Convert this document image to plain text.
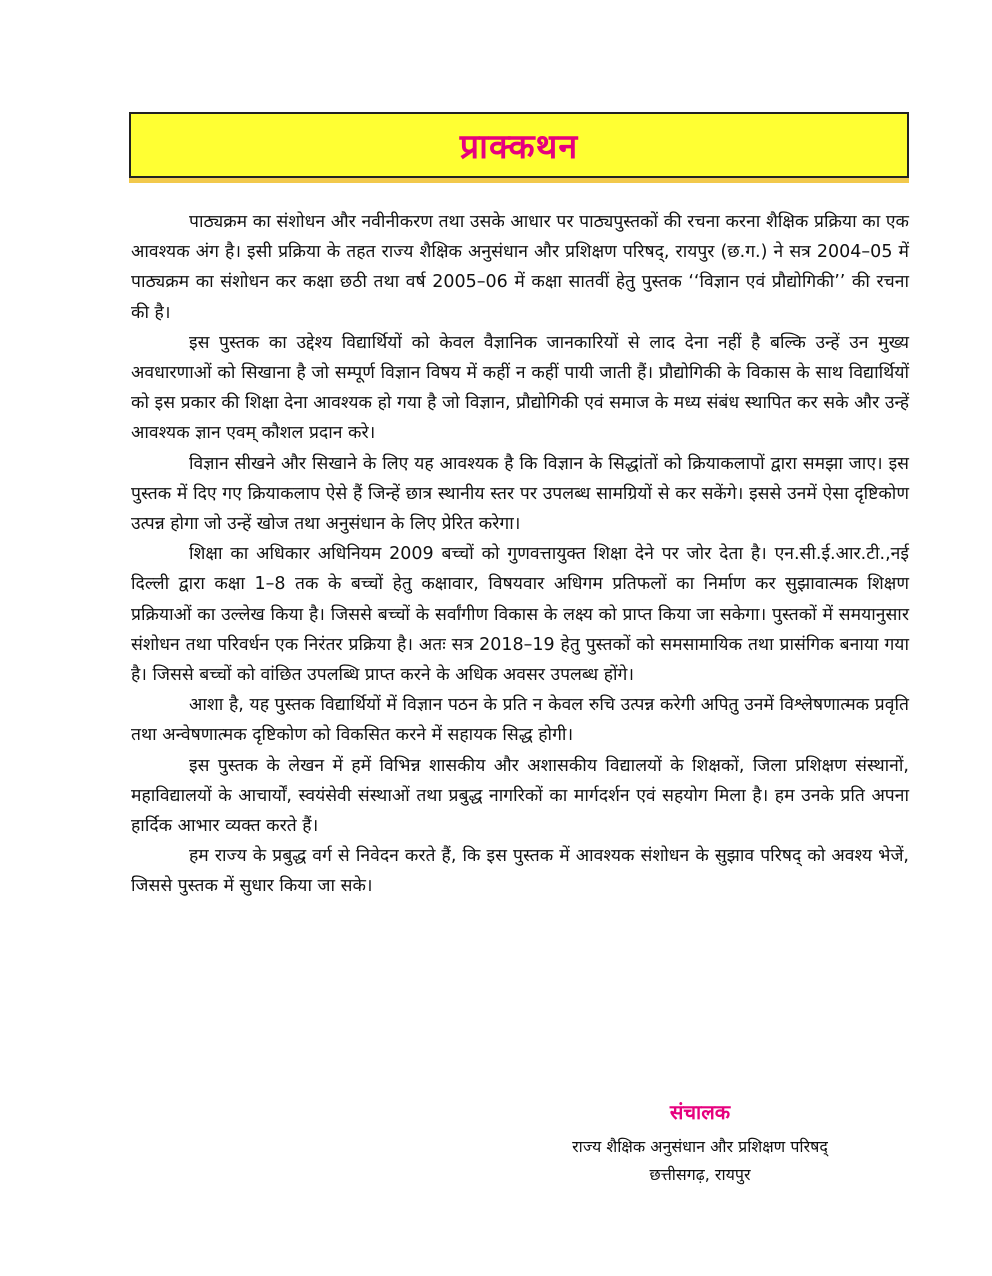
प्राक्कथन

पाठ्यक्रम का संशोधन और नवीनीकरण तथा उसके आधार पर पाठ्यपुस्तकों की रचना करना शैक्षिक प्रक्रिया का एक आवश्यक अंग है। इसी प्रक्रिया के तहत राज्य शैक्षिक अनुसंधान और प्रशिक्षण परिषद्, रायपुर (छ.ग.) ने सत्र 2004–05 में पाठ्यक्रम का संशोधन कर कक्षा छठी तथा वर्ष 2005–06 में कक्षा सातवीं हेतु पुस्तक ‘‘विज्ञान एवं प्रौद्योगिकी’’ की रचना की है।

इस पुस्तक का उद्देश्य विद्यार्थियों को केवल वैज्ञानिक जानकारियों से लाद देना नहीं है बल्कि उन्हें उन मुख्य अवधारणाओं को सिखाना है जो सम्पूर्ण विज्ञान विषय में कहीं न कहीं पायी जाती हैं। प्रौद्योगिकी के विकास के साथ विद्यार्थियों को इस प्रकार की शिक्षा देना आवश्यक हो गया है जो विज्ञान, प्रौद्योगिकी एवं समाज के मध्य संबंध स्थापित कर सके और उन्हें आवश्यक ज्ञान एवम् कौशल प्रदान करे।

विज्ञान सीखने और सिखाने के लिए यह आवश्यक है कि विज्ञान के सिद्धांतों को क्रियाकलापों द्वारा समझा जाए। इस पुस्तक में दिए गए क्रियाकलाप ऐसे हैं जिन्हें छात्र स्थानीय स्तर पर उपलब्ध सामग्रियों से कर सकेंगे। इससे उनमें ऐसा दृष्टिकोण उत्पन्न होगा जो उन्हें खोज तथा अनुसंधान के लिए प्रेरित करेगा।

शिक्षा का अधिकार अधिनियम 2009 बच्चों को गुणवत्तायुक्त शिक्षा देने पर जोर देता है। एन.सी.ई.आर.टी.,नई दिल्ली द्वारा कक्षा 1–8 तक के बच्चों हेतु कक्षावार, विषयवार अधिगम प्रतिफलों का निर्माण कर सुझावात्मक शिक्षण प्रक्रियाओं का उल्लेख किया है। जिससे बच्चों के सर्वांगीण विकास के लक्ष्य को प्राप्त किया जा सकेगा। पुस्तकों में समयानुसार संशोधन तथा परिवर्धन एक निरंतर प्रक्रिया है। अतः सत्र 2018–19 हेतु पुस्तकों को समसामायिक तथा प्रासंगिक बनाया गया है। जिससे बच्चों को वांछित उपलब्धि प्राप्त करने के अधिक अवसर उपलब्ध होंगे।

आशा है, यह पुस्तक विद्यार्थियों में विज्ञान पठन के प्रति न केवल रुचि उत्पन्न करेगी अपितु उनमें विश्लेषणात्मक प्रवृति तथा अन्वेषणात्मक दृष्टिकोण को विकसित करने में सहायक सिद्ध होगी।

इस पुस्तक के लेखन में हमें विभिन्न शासकीय और अशासकीय विद्यालयों के शिक्षकों, जिला प्रशिक्षण संस्थानों, महाविद्यालयों के आचार्यों, स्वयंसेवी संस्थाओं तथा प्रबुद्ध नागरिकों का मार्गदर्शन एवं सहयोग मिला है। हम उनके प्रति अपना हार्दिक आभार व्यक्त करते हैं।

हम राज्य के प्रबुद्ध वर्ग से निवेदन करते हैं, कि इस पुस्तक में आवश्यक संशोधन के सुझाव परिषद् को अवश्य भेजें, जिससे पुस्तक में सुधार किया जा सके।

संचालक

राज्य शैक्षिक अनुसंधान और प्रशिक्षण परिषद्

छत्तीसगढ़, रायपुर
